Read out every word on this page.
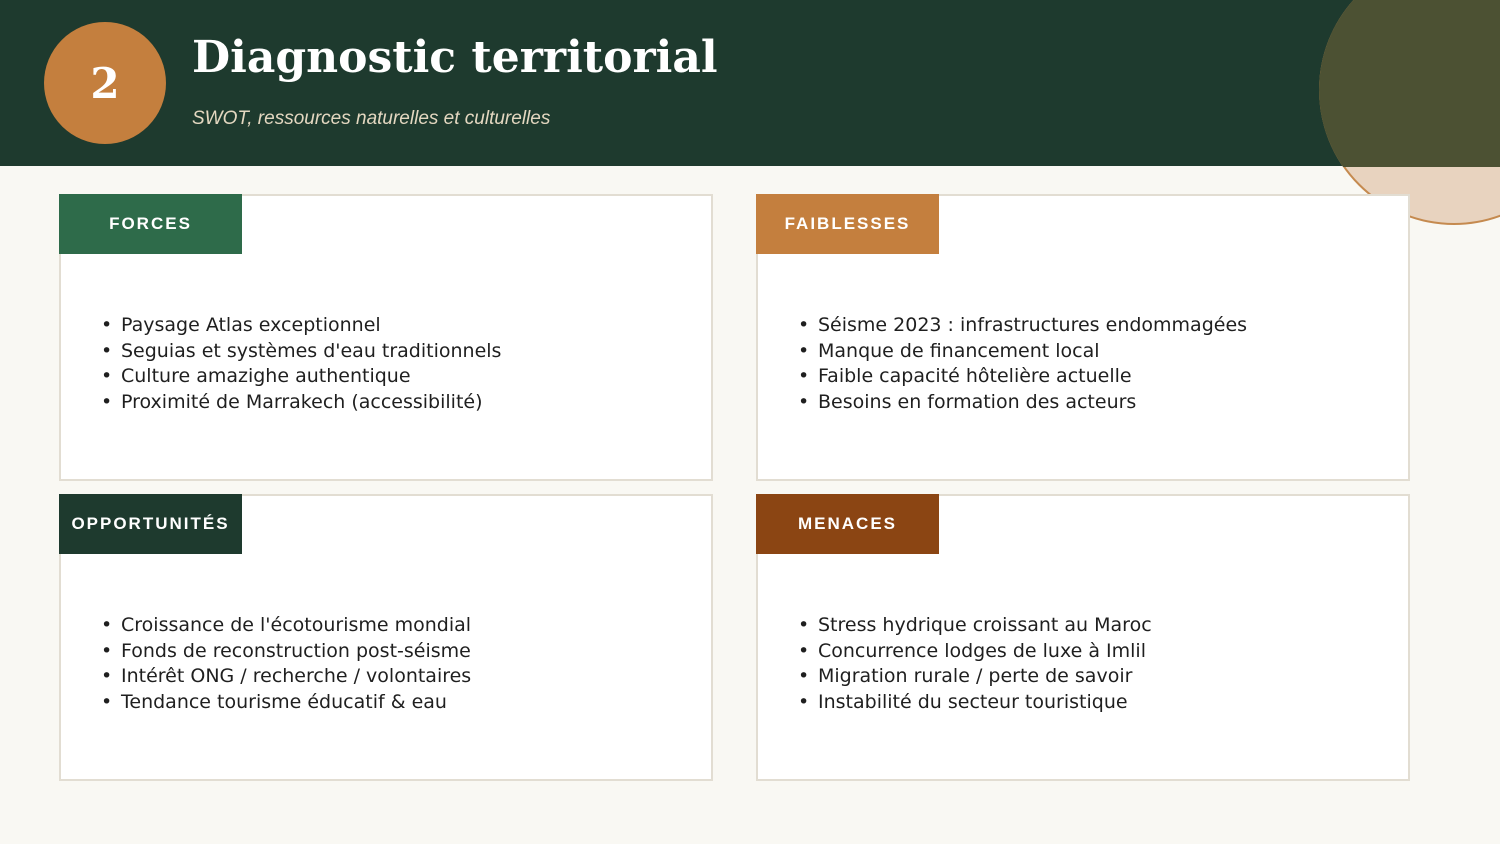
2	Diagnostic territorial
SWOT, ressources naturelles et culturelles
FORCES
• Paysage Atlas exceptionnel
• Seguias et systèmes d'eau traditionnels
• Culture amazighe authentique
• Proximité de Marrakech (accessibilité)
FAIBLESSES
• Séisme 2023 : infrastructures endommagées
• Manque de financement local
• Faible capacité hôtelière actuelle
• Besoins en formation des acteurs
OPPORTUNITÉS
• Croissance de l'écotourisme mondial
• Fonds de reconstruction post-séisme
• Intérêt ONG / recherche / volontaires
• Tendance tourisme éducatif & eau
MENACES
• Stress hydrique croissant au Maroc
• Concurrence lodges de luxe à Imlil
• Migration rurale / perte de savoir
• Instabilité du secteur touristique
